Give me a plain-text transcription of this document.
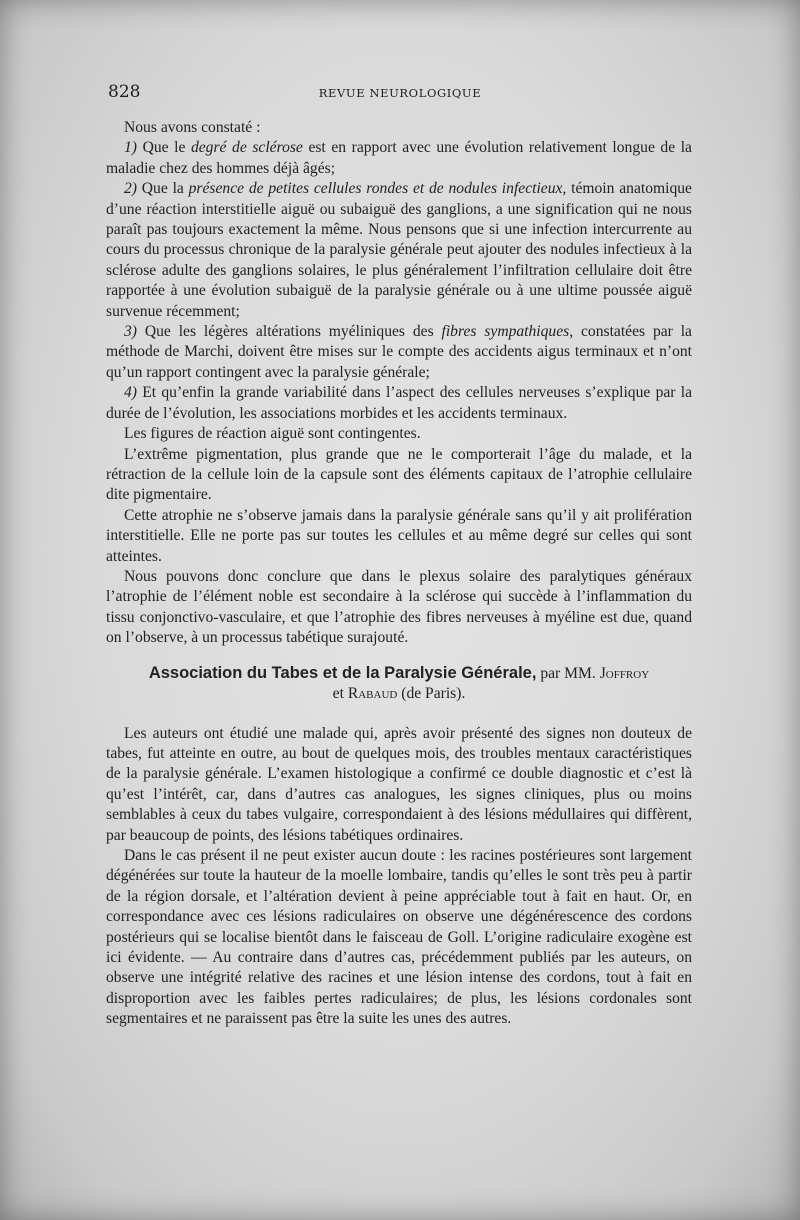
828	REVUE NEUROLOGIQUE

Nous avons constaté :

1) Que le degré de sclérose est en rapport avec une évolution relativement longue de la maladie chez des hommes déjà âgés;

2) Que la présence de petites cellules rondes et de nodules infectieux, témoin anatomique d’une réaction interstitielle aiguë ou subaiguë des ganglions, a une signification qui ne nous paraît pas toujours exactement la même. Nous pensons que si une infection intercurrente au cours du processus chronique de la paralysie générale peut ajouter des nodules infectieux à la sclérose adulte des ganglions solaires, le plus généralement l’infiltration cellulaire doit être rapportée à une évolution subaiguë de la paralysie générale ou à une ultime poussée aiguë survenue récemment;

3) Que les légères altérations myéliniques des fibres sympathiques, constatées par la méthode de Marchi, doivent être mises sur le compte des accidents aigus terminaux et n’ont qu’un rapport contingent avec la paralysie générale;

4) Et qu’enfin la grande variabilité dans l’aspect des cellules nerveuses s’explique par la durée de l’évolution, les associations morbides et les accidents terminaux.

Les figures de réaction aiguë sont contingentes.

L’extrême pigmentation, plus grande que ne le comporterait l’âge du malade, et la rétraction de la cellule loin de la capsule sont des éléments capitaux de l’atrophie cellulaire dite pigmentaire.

Cette atrophie ne s’observe jamais dans la paralysie générale sans qu’il y ait prolifération interstitielle. Elle ne porte pas sur toutes les cellules et au même degré sur celles qui sont atteintes.

Nous pouvons donc conclure que dans le plexus solaire des paralytiques généraux l’atrophie de l’élément noble est secondaire à la sclérose qui succède à l’inflammation du tissu conjonctivo-vasculaire, et que l’atrophie des fibres nerveuses à myéline est due, quand on l’observe, à un processus tabétique surajouté.

Association du Tabes et de la Paralysie Générale, par MM. Joffroy
et Rabaud (de Paris).

Les auteurs ont étudié une malade qui, après avoir présenté des signes non douteux de tabes, fut atteinte en outre, au bout de quelques mois, des troubles mentaux caractéristiques de la paralysie générale. L’examen histologique a confirmé ce double diagnostic et c’est là qu’est l’intérêt, car, dans d’autres cas analogues, les signes cliniques, plus ou moins semblables à ceux du tabes vulgaire, correspondaient à des lésions médullaires qui diffèrent, par beaucoup de points, des lésions tabétiques ordinaires.

Dans le cas présent il ne peut exister aucun doute : les racines postérieures sont largement dégénérées sur toute la hauteur de la moelle lombaire, tandis qu’elles le sont très peu à partir de la région dorsale, et l’altération devient à peine appréciable tout à fait en haut. Or, en correspondance avec ces lésions radiculaires on observe une dégénérescence des cordons postérieurs qui se localise bientôt dans le faisceau de Goll. L’origine radiculaire exogène est ici évidente. — Au contraire dans d’autres cas, précédemment publiés par les auteurs, on observe une intégrité relative des racines et une lésion intense des cordons, tout à fait en disproportion avec les faibles pertes radiculaires; de plus, les lésions cordonales sont segmentaires et ne paraissent pas être la suite les unes des autres.
